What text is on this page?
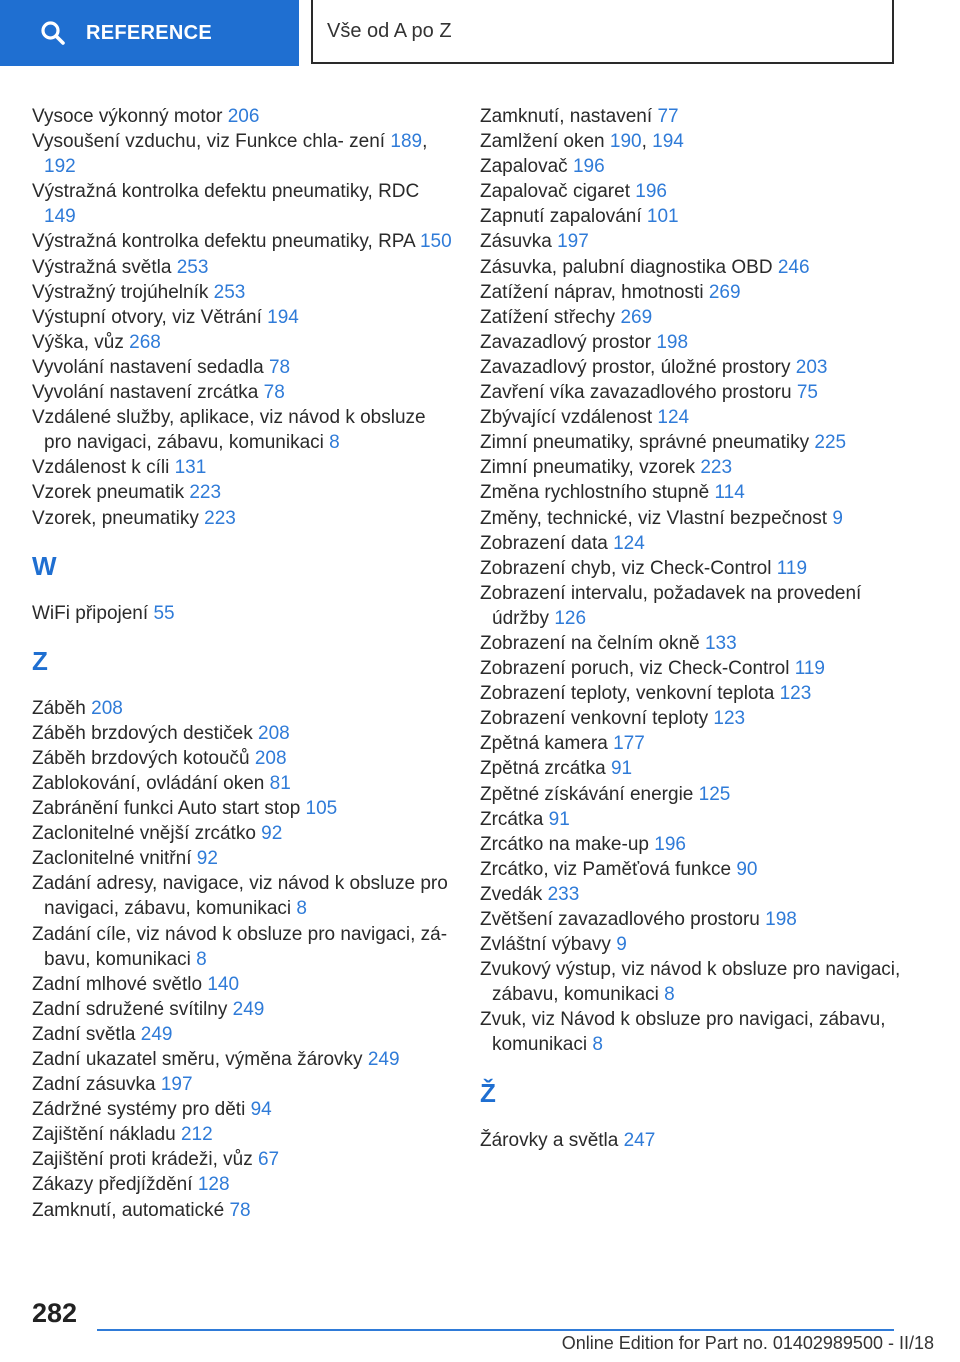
REFERENCE	Vše od A po Z
Vysoce výkonný motor 206
Vysoušení vzduchu, viz Funkce chla- zení 189, 192
Výstražná kontrolka defektu pneumatiky, RDC 149
Výstražná kontrolka defektu pneumatiky, RPA 150
Výstražná světla 253
Výstražný trojúhelník 253
Výstupní otvory, viz Větrání 194
Výška, vůz 268
Vyvolání nastavení sedadla 78
Vyvolání nastavení zrcátka 78
Vzdálené služby, aplikace, viz návod k obsluze pro navigaci, zábavu, komunikaci 8
Vzdálenost k cíli 131
Vzorek pneumatik 223
Vzorek, pneumatiky 223
W
WiFi připojení 55
Z
Záběh 208
Záběh brzdových destiček 208
Záběh brzdových kotoučů 208
Zablokování, ovládání oken 81
Zabránění funkci Auto start stop 105
Zaclonitelné vnější zrcátko 92
Zaclonitelné vnitřní 92
Zadání adresy, navigace, viz návod k obsluze pro navigaci, zábavu, komunikaci 8
Zadání cíle, viz návod k obsluze pro navigaci, zá- bavu, komunikaci 8
Zadní mlhové světlo 140
Zadní sdružené svítilny 249
Zadní světla 249
Zadní ukazatel směru, výměna žárovky 249
Zadní zásuvka 197
Zádržné systémy pro děti 94
Zajištění nákladu 212
Zajištění proti krádeži, vůz 67
Zákazy předjíždění 128
Zamknutí, automatické 78
Zamknutí, nastavení 77
Zamlžení oken 190, 194
Zapalovač 196
Zapalovač cigaret 196
Zapnutí zapalování 101
Zásuvka 197
Zásuvka, palubní diagnostika OBD 246
Zatížení náprav, hmotnosti 269
Zatížení střechy 269
Zavazadlový prostor 198
Zavazadlový prostor, úložné prostory 203
Zavření víka zavazadlového prostoru 75
Zbývající vzdálenost 124
Zimní pneumatiky, správné pneumatiky 225
Zimní pneumatiky, vzorek 223
Změna rychlostního stupně 114
Změny, technické, viz Vlastní bezpečnost 9
Zobrazení data 124
Zobrazení chyb, viz Check-Control 119
Zobrazení intervalu, požadavek na provedení údržby 126
Zobrazení na čelním okně 133
Zobrazení poruch, viz Check-Control 119
Zobrazení teploty, venkovní teplota 123
Zobrazení venkovní teploty 123
Zpětná kamera 177
Zpětná zrcátka 91
Zpětné získávání energie 125
Zrcátka 91
Zrcátko na make-up 196
Zrcátko, viz Paměťová funkce 90
Zvedák 233
Zvětšení zavazadlového prostoru 198
Zvláštní výbavy 9
Zvukový výstup, viz návod k obsluze pro navigaci, zábavu, komunikaci 8
Zvuk, viz Návod k obsluze pro navigaci, zábavu, komunikaci 8
Ž
Žárovky a světla 247
282
Online Edition for Part no. 01402989500 - II/18
